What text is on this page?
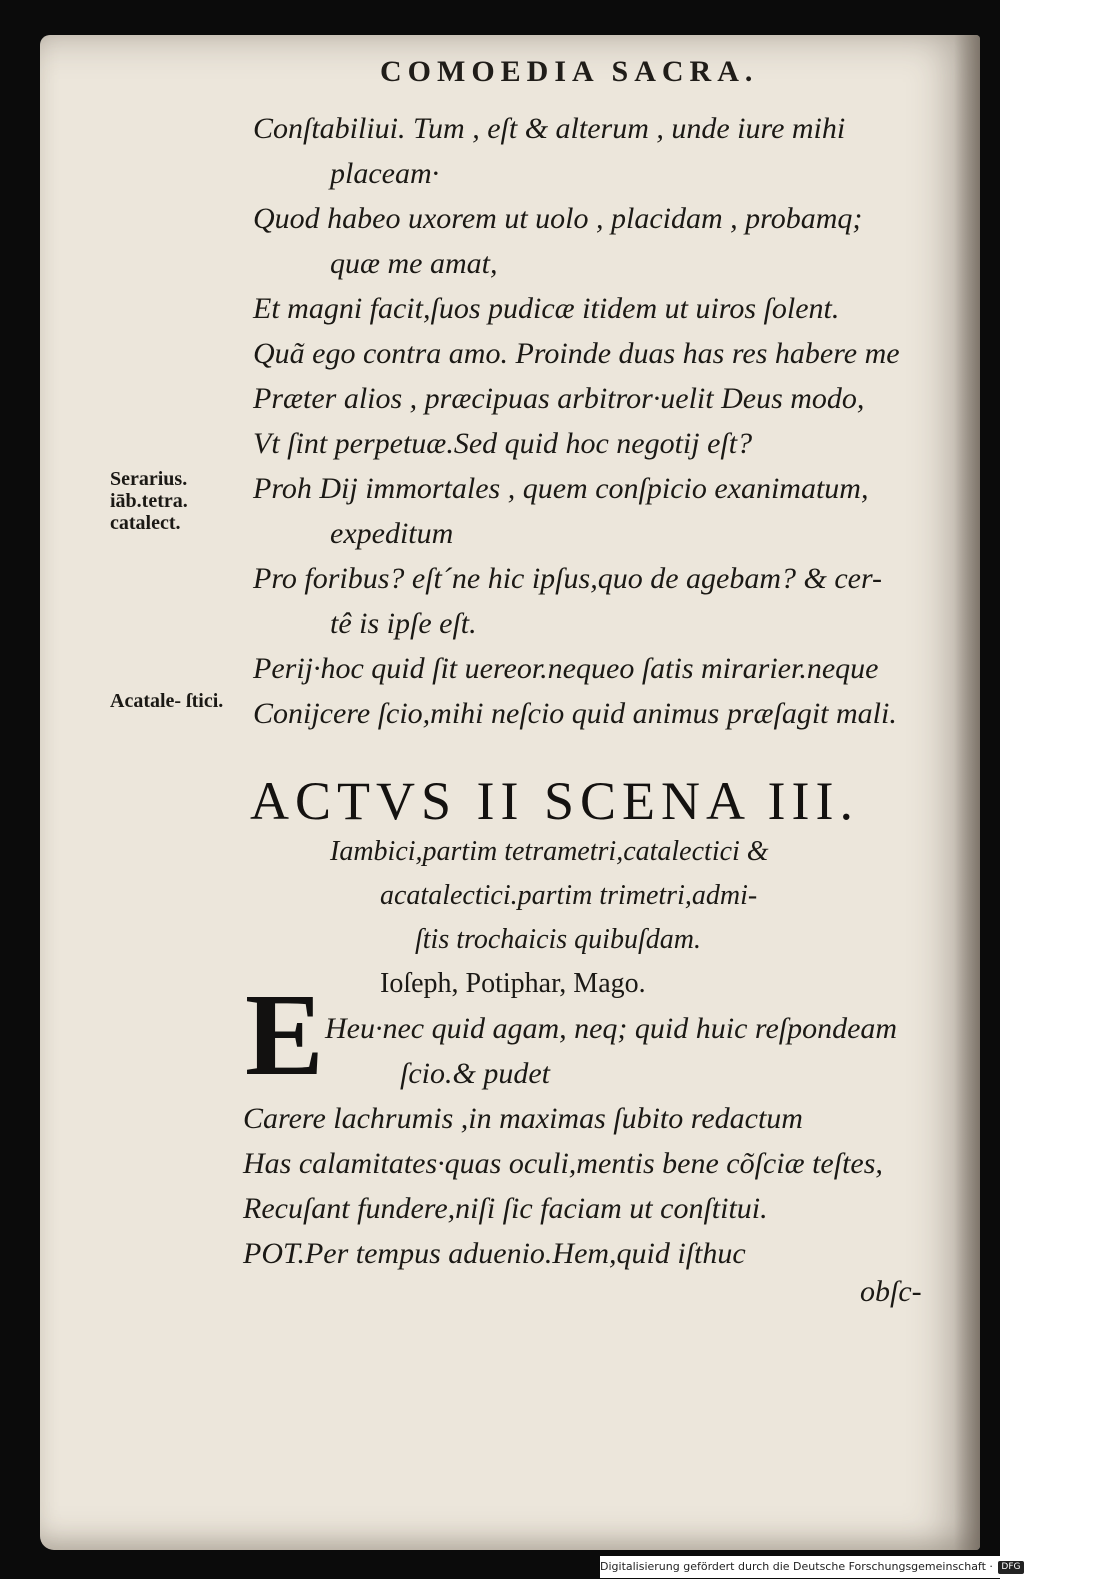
COMOEDIA SACRA.
Conſtabiliui. Tum , eſt & alterum , unde iure mihi
placeam·
Quod habeo uxorem ut uolo , placidam , probamq;
quæ me amat,
Et magni facit,ſuos pudicæ itidem ut uiros ſolent.
Quã ego contra amo. Proinde duas has res habere me
Præter alios , præcipuas arbitror·uelit Deus modo,
Vt ſint perpetuæ.Sed quid hoc negotij eſt?
Proh Dij immortales , quem conſpicio exanimatum,
expeditum
Pro foribus? eſt´ne hic ipſus,quo de agebam? & cer-
tê is ipſe eſt.
Perij·hoc quid ſit uereor.nequeo ſatis mirarier.neque
Conijcere ſcio,mihi neſcio quid animus præſagit mali.
Serarius. iāb.tetra. catalect.
Acatale- ſtici.
ACTVS II SCENA III.
Iambici,partim tetrametri,catalectici &
acatalectici.partim trimetri,admi-
ſtis trochaicis quibuſdam.
Ioſeph, Potiphar, Mago.
E Heu·nec quid agam, neq; quid huic reſpondeam
ſcio.& pudet
Carere lachrumis ,in maximas ſubito redactum
Has calamitates·quas oculi,mentis bene cõſciæ teſtes,
Recuſant fundere,niſi ſic faciam ut conſtitui.
POT.Per tempus aduenio.Hem,quid iſthuc
obſc-
Digitalisierung gefördert durch die Deutsche Forschungsgemeinschaft · DFG
